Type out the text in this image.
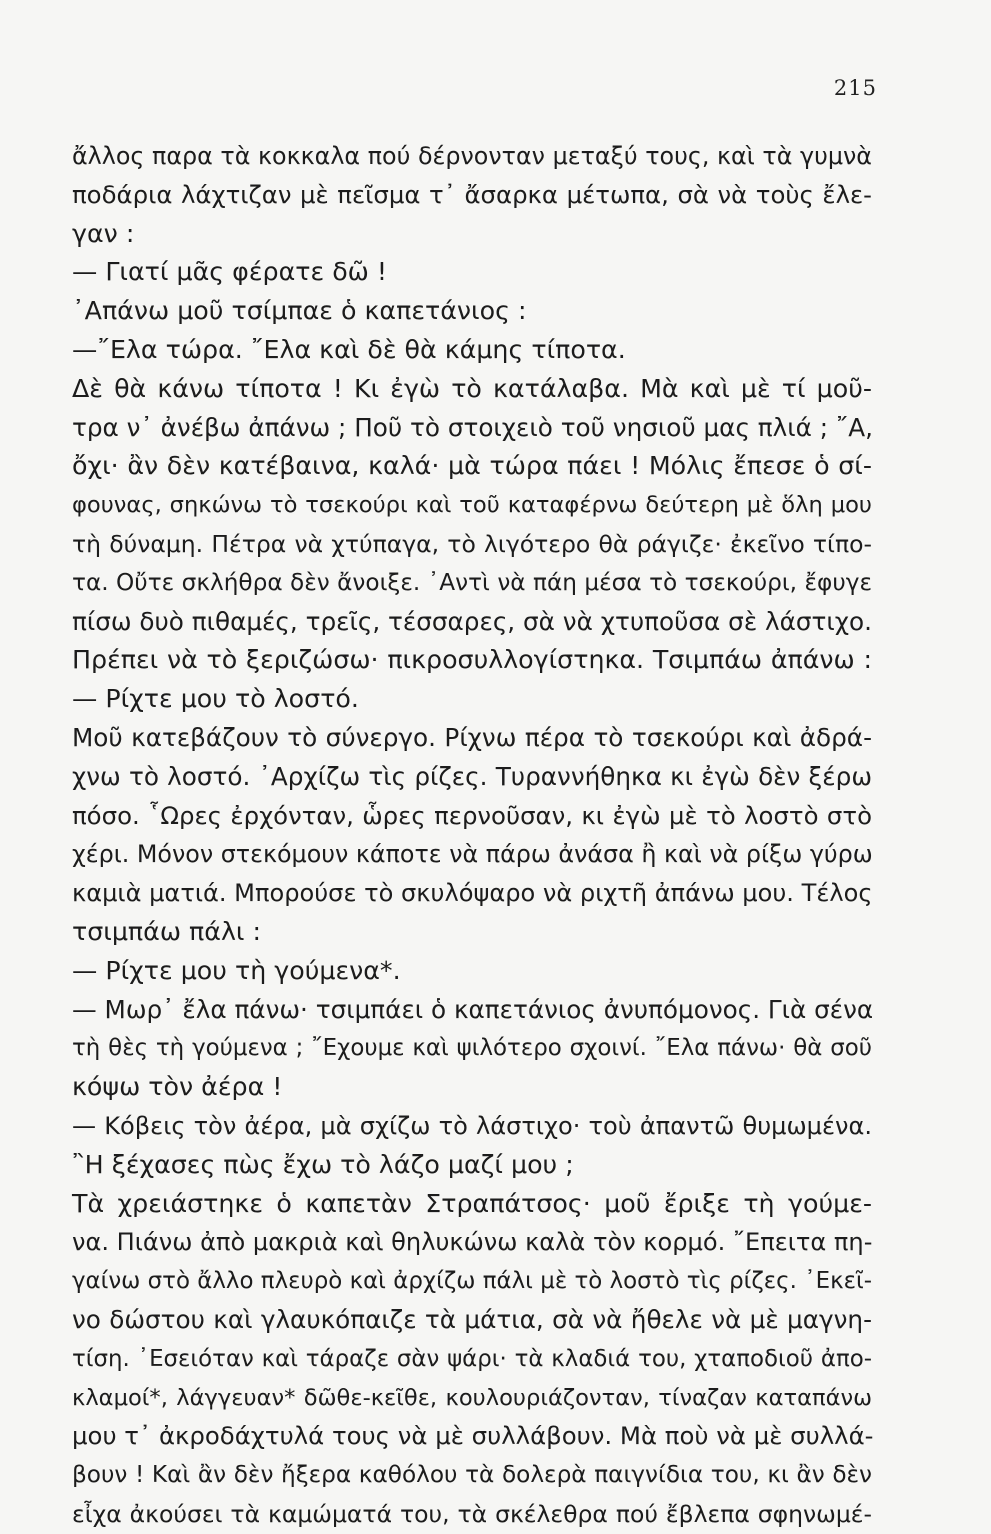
215
ἄλλος παρα τὰ κοκκαλα πού δέρνονταν μεταξύ τους, καὶ τὰ γυμνὰ
ποδάρια λάχτιζαν μὲ πεῖσμα τ᾽ ἄσαρκα μέτωπα, σὰ νὰ τοὺς ἔλε-
γαν :
— Γιατί μᾶς φέρατε δῶ !
᾽Απάνω μοῦ τσίμπαε ὁ καπετάνιος :
—῎Ελα τώρα. ῎Ελα καὶ δὲ θὰ κάμης τίποτα.
Δὲ θὰ κάνω τίποτα ! Κι ἐγὼ τὸ κατάλαβα. Μὰ καὶ μὲ τί μοῦ-
τρα ν᾽ ἀνέβω ἀπάνω ; Ποῦ τὸ στοιχειὸ τοῦ νησιοῦ μας πλιά ; ῎Α,
ὄχι· ἂν δὲν κατέβαινα, καλά· μὰ τώρα πάει ! Μόλις ἔπεσε ὁ σί-
φουνας, σηκώνω τὸ τσεκούρι καὶ τοῦ καταφέρνω δεύτερη μὲ ὅλη μου
τὴ δύναμη. Πέτρα νὰ χτύπαγα, τὸ λιγότερο θὰ ράγιζε· ἐκεῖνο τίπο-
τα. Οὔτε σκλήθρα δὲν ἄνοιξε. ᾽Αντὶ νὰ πάη μέσα τὸ τσεκούρι, ἔφυγε
πίσω δυὸ πιθαμές, τρεῖς, τέσσαρες, σὰ νὰ χτυποῦσα σὲ λάστιχο.
Πρέπει νὰ τὸ ξεριζώσω· πικροσυλλογίστηκα. Τσιμπάω ἀπάνω :
— Ρίχτε μου τὸ λοστό.
Μοῦ κατεβάζουν τὸ σύνεργο. Ρίχνω πέρα τὸ τσεκούρι καὶ ἀδρά-
χνω τὸ λοστό. ᾽Αρχίζω τὶς ρίζες. Τυραννήθηκα κι ἐγὼ δὲν ξέρω
πόσο. ῟Ωρες ἐρχόνταν, ὧρες περνοῦσαν, κι ἐγὼ μὲ τὸ λοστὸ στὸ
χέρι. Μόνον στεκόμουν κάποτε νὰ πάρω ἀνάσα ἢ καὶ νὰ ρίξω γύρω
καμιὰ ματιά. Μπορούσε τὸ σκυλόψαρο νὰ ριχτῆ ἀπάνω μου. Τέλος
τσιμπάω πάλι :
— Ρίχτε μου τὴ γούμενα*.
— Μωρ᾽ ἔλα πάνω· τσιμπάει ὁ καπετάνιος ἀνυπόμονος. Γιὰ σένα
τὴ θὲς τὴ γούμενα ; ῎Εχουμε καὶ ψιλότερο σχοινί. ῎Ελα πάνω· θὰ σοῦ
κόψω τὸν ἀέρα !
— Κόβεις τὸν ἀέρα, μὰ σχίζω τὸ λάστιχο· τοὺ ἀπαντῶ θυμωμένα.
῍Η ξέχασες πὼς ἔχω τὸ λάζο μαζί μου ;
Τὰ χρειάστηκε ὁ καπετὰν Στραπάτσος· μοῦ ἔριξε τὴ γούμε-
να. Πιάνω ἀπὸ μακριὰ καὶ θηλυκώνω καλὰ τὸν κορμό. ῎Επειτα πη-
γαίνω στὸ ἄλλο πλευρὸ καὶ ἀρχίζω πάλι μὲ τὸ λοστὸ τὶς ρίζες. ᾽Εκεῖ-
νο δώστου καὶ γλαυκόπαιζε τὰ μάτια, σὰ νὰ ἤθελε νὰ μὲ μαγνη-
τίση. ᾽Εσειόταν καὶ τάραζε σὰν ψάρι· τὰ κλαδιά του, χταποδιοῦ ἀπο-
κλαμοί*, λάγγευαν* δῶθε-κεῖθε, κουλουριάζονταν, τίναζαν καταπάνω
μου τ᾽ ἀκροδάχτυλά τους νὰ μὲ συλλάβουν. Μὰ ποὺ νὰ μὲ συλλά-
βουν ! Καὶ ἂν δὲν ἤξερα καθόλου τὰ δολερὰ παιγνίδια του, κι ἂν δὲν
εἶχα ἀκούσει τὰ καμώματά του, τὰ σκέλεθρα πού ἔβλεπα σφηνωμέ-
